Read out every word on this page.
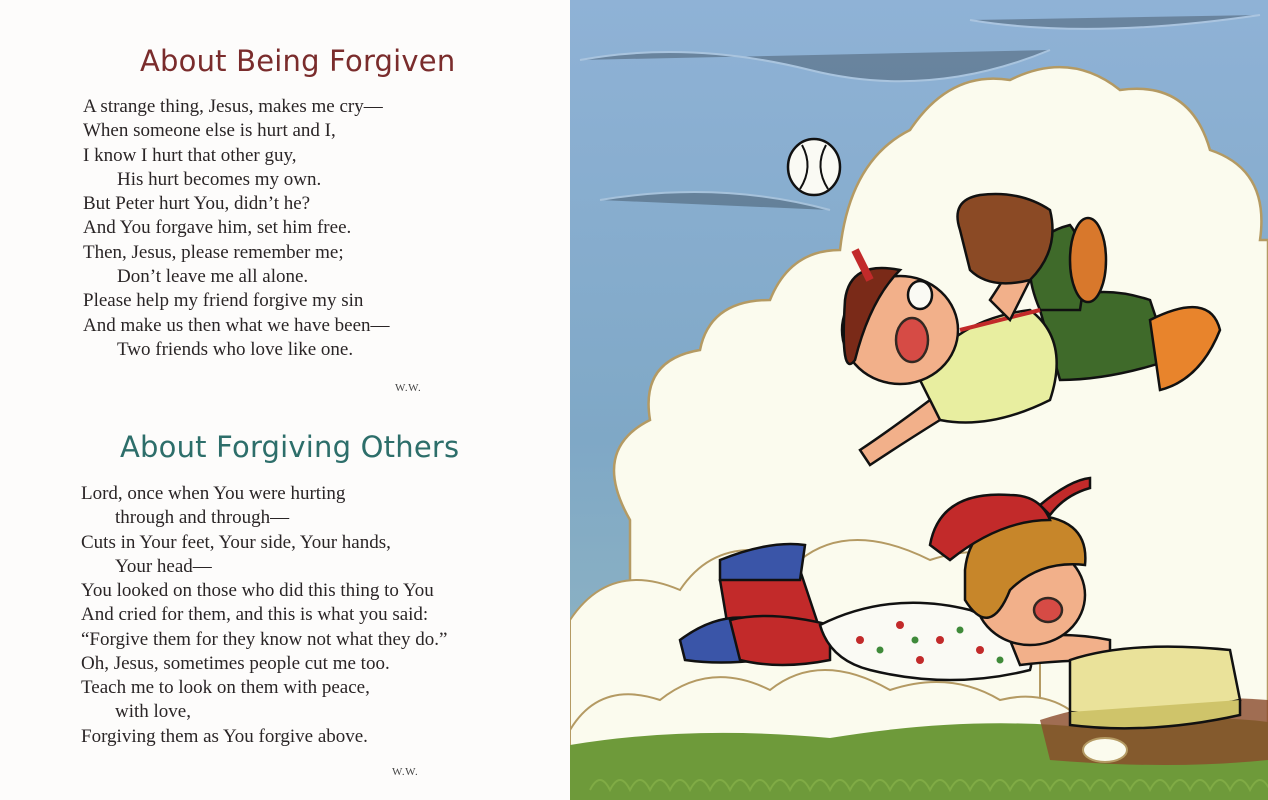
About Being Forgiven
A strange thing, Jesus, makes me cry—
When someone else is hurt and I,
I know I hurt that other guy,
His hurt becomes my own.
But Peter hurt You, didn’t he?
And You forgave him, set him free.
Then, Jesus, please remember me;
Don’t leave me all alone.
Please help my friend forgive my sin
And make us then what we have been—
Two friends who love like one.
W.W.
About Forgiving Others
Lord, once when You were hurting
through and through—
Cuts in Your feet, Your side, Your hands,
Your head—
You looked on those who did this thing to You
And cried for them, and this is what you said:
“Forgive them for they know not what they do.”
Oh, Jesus, sometimes people cut me too.
Teach me to look on them with peace,
with love,
Forgiving them as You forgive above.
W.W.
